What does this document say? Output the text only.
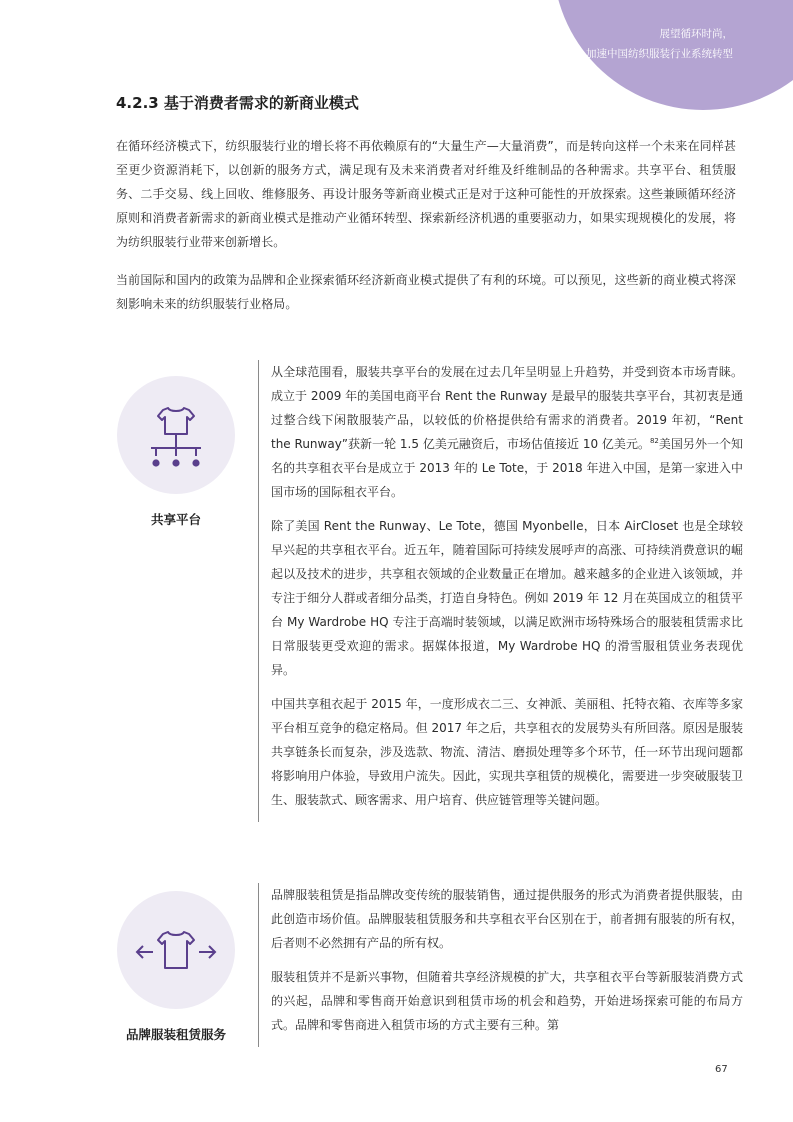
展望循环时尚，
加速中国纺织服装行业系统转型
4.2.3 基于消费者需求的新商业模式

在循环经济模式下，纺织服装行业的增长将不再依赖原有的“大量生产—大量消费”，而是转向这样一个未来在同样甚至更少资源消耗下，以创新的服务方式，满足现有及未来消费者对纤维及纤维制品的各种需求。共享平台、租赁服务、二手交易、线上回收、维修服务、再设计服务等新商业模式正是对于这种可能性的开放探索。这些兼顾循环经济原则和消费者新需求的新商业模式是推动产业循环转型、探索新经济机遇的重要驱动力，如果实现规模化的发展，将为纺织服装行业带来创新增长。

当前国际和国内的政策为品牌和企业探索循环经济新商业模式提供了有利的环境。可以预见，这些新的商业模式将深刻影响未来的纺织服装行业格局。

共享平台

从全球范围看，服装共享平台的发展在过去几年呈明显上升趋势，并受到资本市场青睐。成立于 2009 年的美国电商平台 Rent the Runway 是最早的服装共享平台，其初衷是通过整合线下闲散服装产品，以较低的价格提供给有需求的消费者。2019 年初，“Rent the Runway”获新一轮 1.5 亿美元融资后，市场估值接近 10 亿美元。$^{82}$美国另外一个知名的共享租衣平台是成立于 2013 年的 Le Tote，于 2018 年进入中国，是第一家进入中国市场的国际租衣平台。

除了美国 Rent the Runway、Le Tote，德国 Myonbelle，日本 AirCloset 也是全球较早兴起的共享租衣平台。近五年，随着国际可持续发展呼声的高涨、可持续消费意识的崛起以及技术的进步，共享租衣领域的企业数量正在增加。越来越多的企业进入该领域，并专注于细分人群或者细分品类，打造自身特色。例如 2019 年 12 月在英国成立的租赁平台 My Wardrobe HQ 专注于高端时装领域，以满足欧洲市场特殊场合的服装租赁需求比日常服装更受欢迎的需求。据媒体报道，My Wardrobe HQ 的滑雪服租赁业务表现优异。

中国共享租衣起于 2015 年，一度形成衣二三、女神派、美丽租、托特衣箱、衣库等多家平台相互竞争的稳定格局。但 2017 年之后，共享租衣的发展势头有所回落。原因是服装共享链条长而复杂，涉及选款、物流、清洁、磨损处理等多个环节，任一环节出现问题都将影响用户体验，导致用户流失。因此，实现共享租赁的规模化，需要进一步突破服装卫生、服装款式、顾客需求、用户培育、供应链管理等关键问题。

品牌服装租赁服务

品牌服装租赁是指品牌改变传统的服装销售，通过提供服务的形式为消费者提供服装，由此创造市场价值。品牌服装租赁服务和共享租衣平台区别在于，前者拥有服装的所有权，后者则不必然拥有产品的所有权。

服装租赁并不是新兴事物，但随着共享经济规模的扩大，共享租衣平台等新服装消费方式的兴起，品牌和零售商开始意识到租赁市场的机会和趋势，开始进场探索可能的布局方式。品牌和零售商进入租赁市场的方式主要有三种。第

67
